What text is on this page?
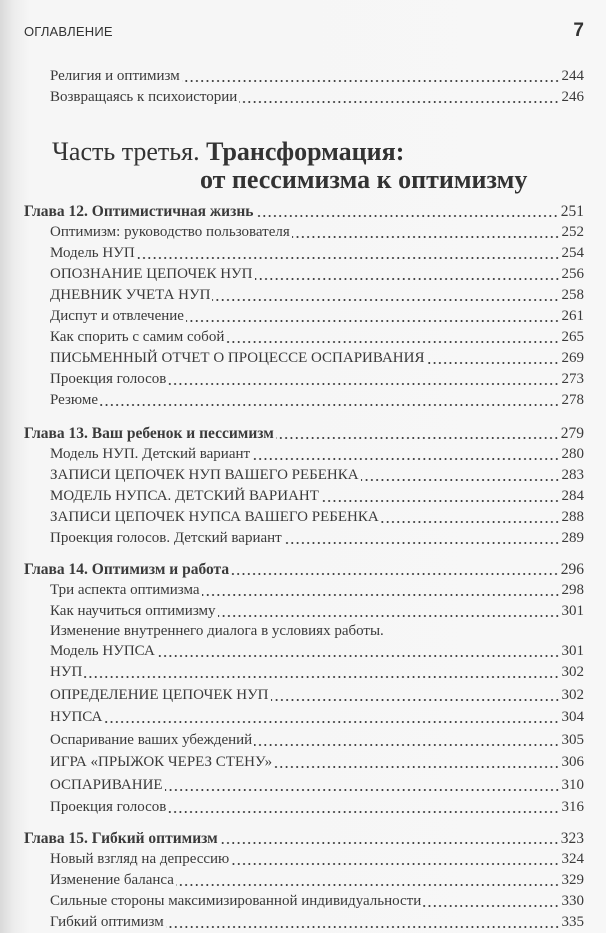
ОГЛАВЛЕНИЕ	7
Религия и оптимизм	244
Возвращаясь к психоистории	246
Часть третья. Трансформация:
от пессимизма к оптимизму
Глава 12. Оптимистичная жизнь	251
Оптимизм: руководство пользователя	252
Модель НУП	254
ОПОЗНАНИЕ ЦЕПОЧЕК НУП	256
ДНЕВНИК УЧЕТА НУП	258
Диспут и отвлечение	261
Как спорить с самим собой	265
ПИСЬМЕННЫЙ ОТЧЕТ О ПРОЦЕССЕ ОСПАРИВАНИЯ	269
Проекция голосов	273
Резюме	278
Глава 13. Ваш ребенок и пессимизм	279
Модель НУП. Детский вариант	280
ЗАПИСИ ЦЕПОЧЕК НУП ВАШЕГО РЕБЕНКА	283
МОДЕЛЬ НУПСА. ДЕТСКИЙ ВАРИАНТ	284
ЗАПИСИ ЦЕПОЧЕК НУПСА ВАШЕГО РЕБЕНКА	288
Проекция голосов. Детский вариант	289
Глава 14. Оптимизм и работа	296
Три аспекта оптимизма	298
Как научиться оптимизму	301
Изменение внутреннего диалога в условиях работы.
Модель НУПСА	301
НУП	302
ОПРЕДЕЛЕНИЕ ЦЕПОЧЕК НУП	302
НУПСА	304
Оспаривание ваших убеждений	305
ИГРА «ПРЫЖОК ЧЕРЕЗ СТЕНУ»	306
ОСПАРИВАНИЕ	310
Проекция голосов	316
Глава 15. Гибкий оптимизм	323
Новый взгляд на депрессию	324
Изменение баланса	329
Сильные стороны максимизированной индивидуальности	330
Гибкий оптимизм	335
